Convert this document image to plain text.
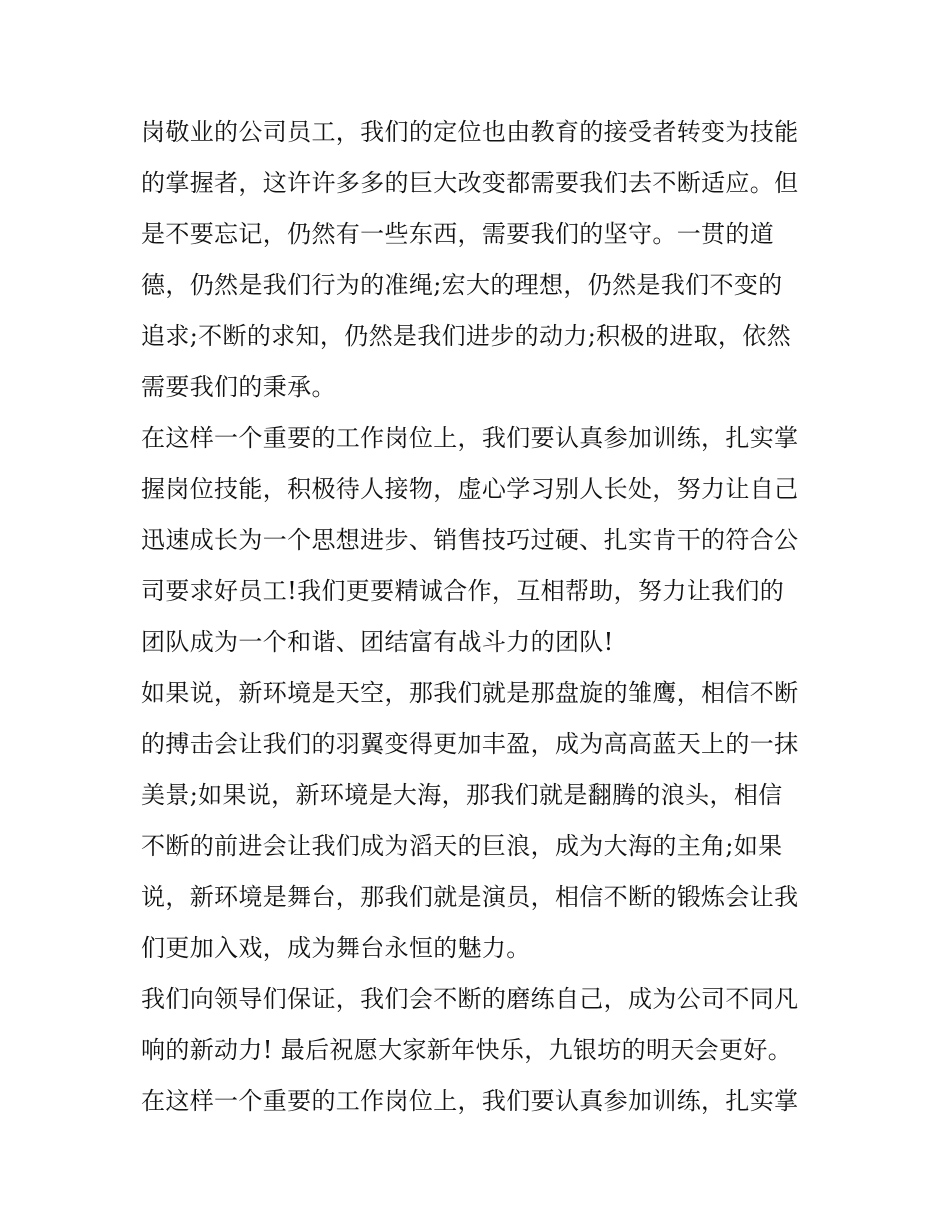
岗敬业的公司员工，我们的定位也由教育的接受者转变为技能
的掌握者，这许许多多的巨大改变都需要我们去不断适应。但
是不要忘记，仍然有一些东西，需要我们的坚守。一贯的道
德，仍然是我们行为的准绳;宏大的理想，仍然是我们不变的
追求;不断的求知，仍然是我们进步的动力;积极的进取，依然
需要我们的秉承。
在这样一个重要的工作岗位上，我们要认真参加训练，扎实掌
握岗位技能，积极待人接物，虚心学习别人长处，努力让自己
迅速成长为一个思想进步、销售技巧过硬、扎实肯干的符合公
司要求好员工!我们更要精诚合作，互相帮助，努力让我们的
团队成为一个和谐、团结富有战斗力的团队!
如果说，新环境是天空，那我们就是那盘旋的雏鹰，相信不断
的搏击会让我们的羽翼变得更加丰盈，成为高高蓝天上的一抹
美景;如果说，新环境是大海，那我们就是翻腾的浪头，相信
不断的前进会让我们成为滔天的巨浪，成为大海的主角;如果
说，新环境是舞台，那我们就是演员，相信不断的锻炼会让我
们更加入戏，成为舞台永恒的魅力。
我们向领导们保证，我们会不断的磨练自己，成为公司不同凡
响的新动力! 最后祝愿大家新年快乐，九银坊的明天会更好。
在这样一个重要的工作岗位上，我们要认真参加训练，扎实掌
